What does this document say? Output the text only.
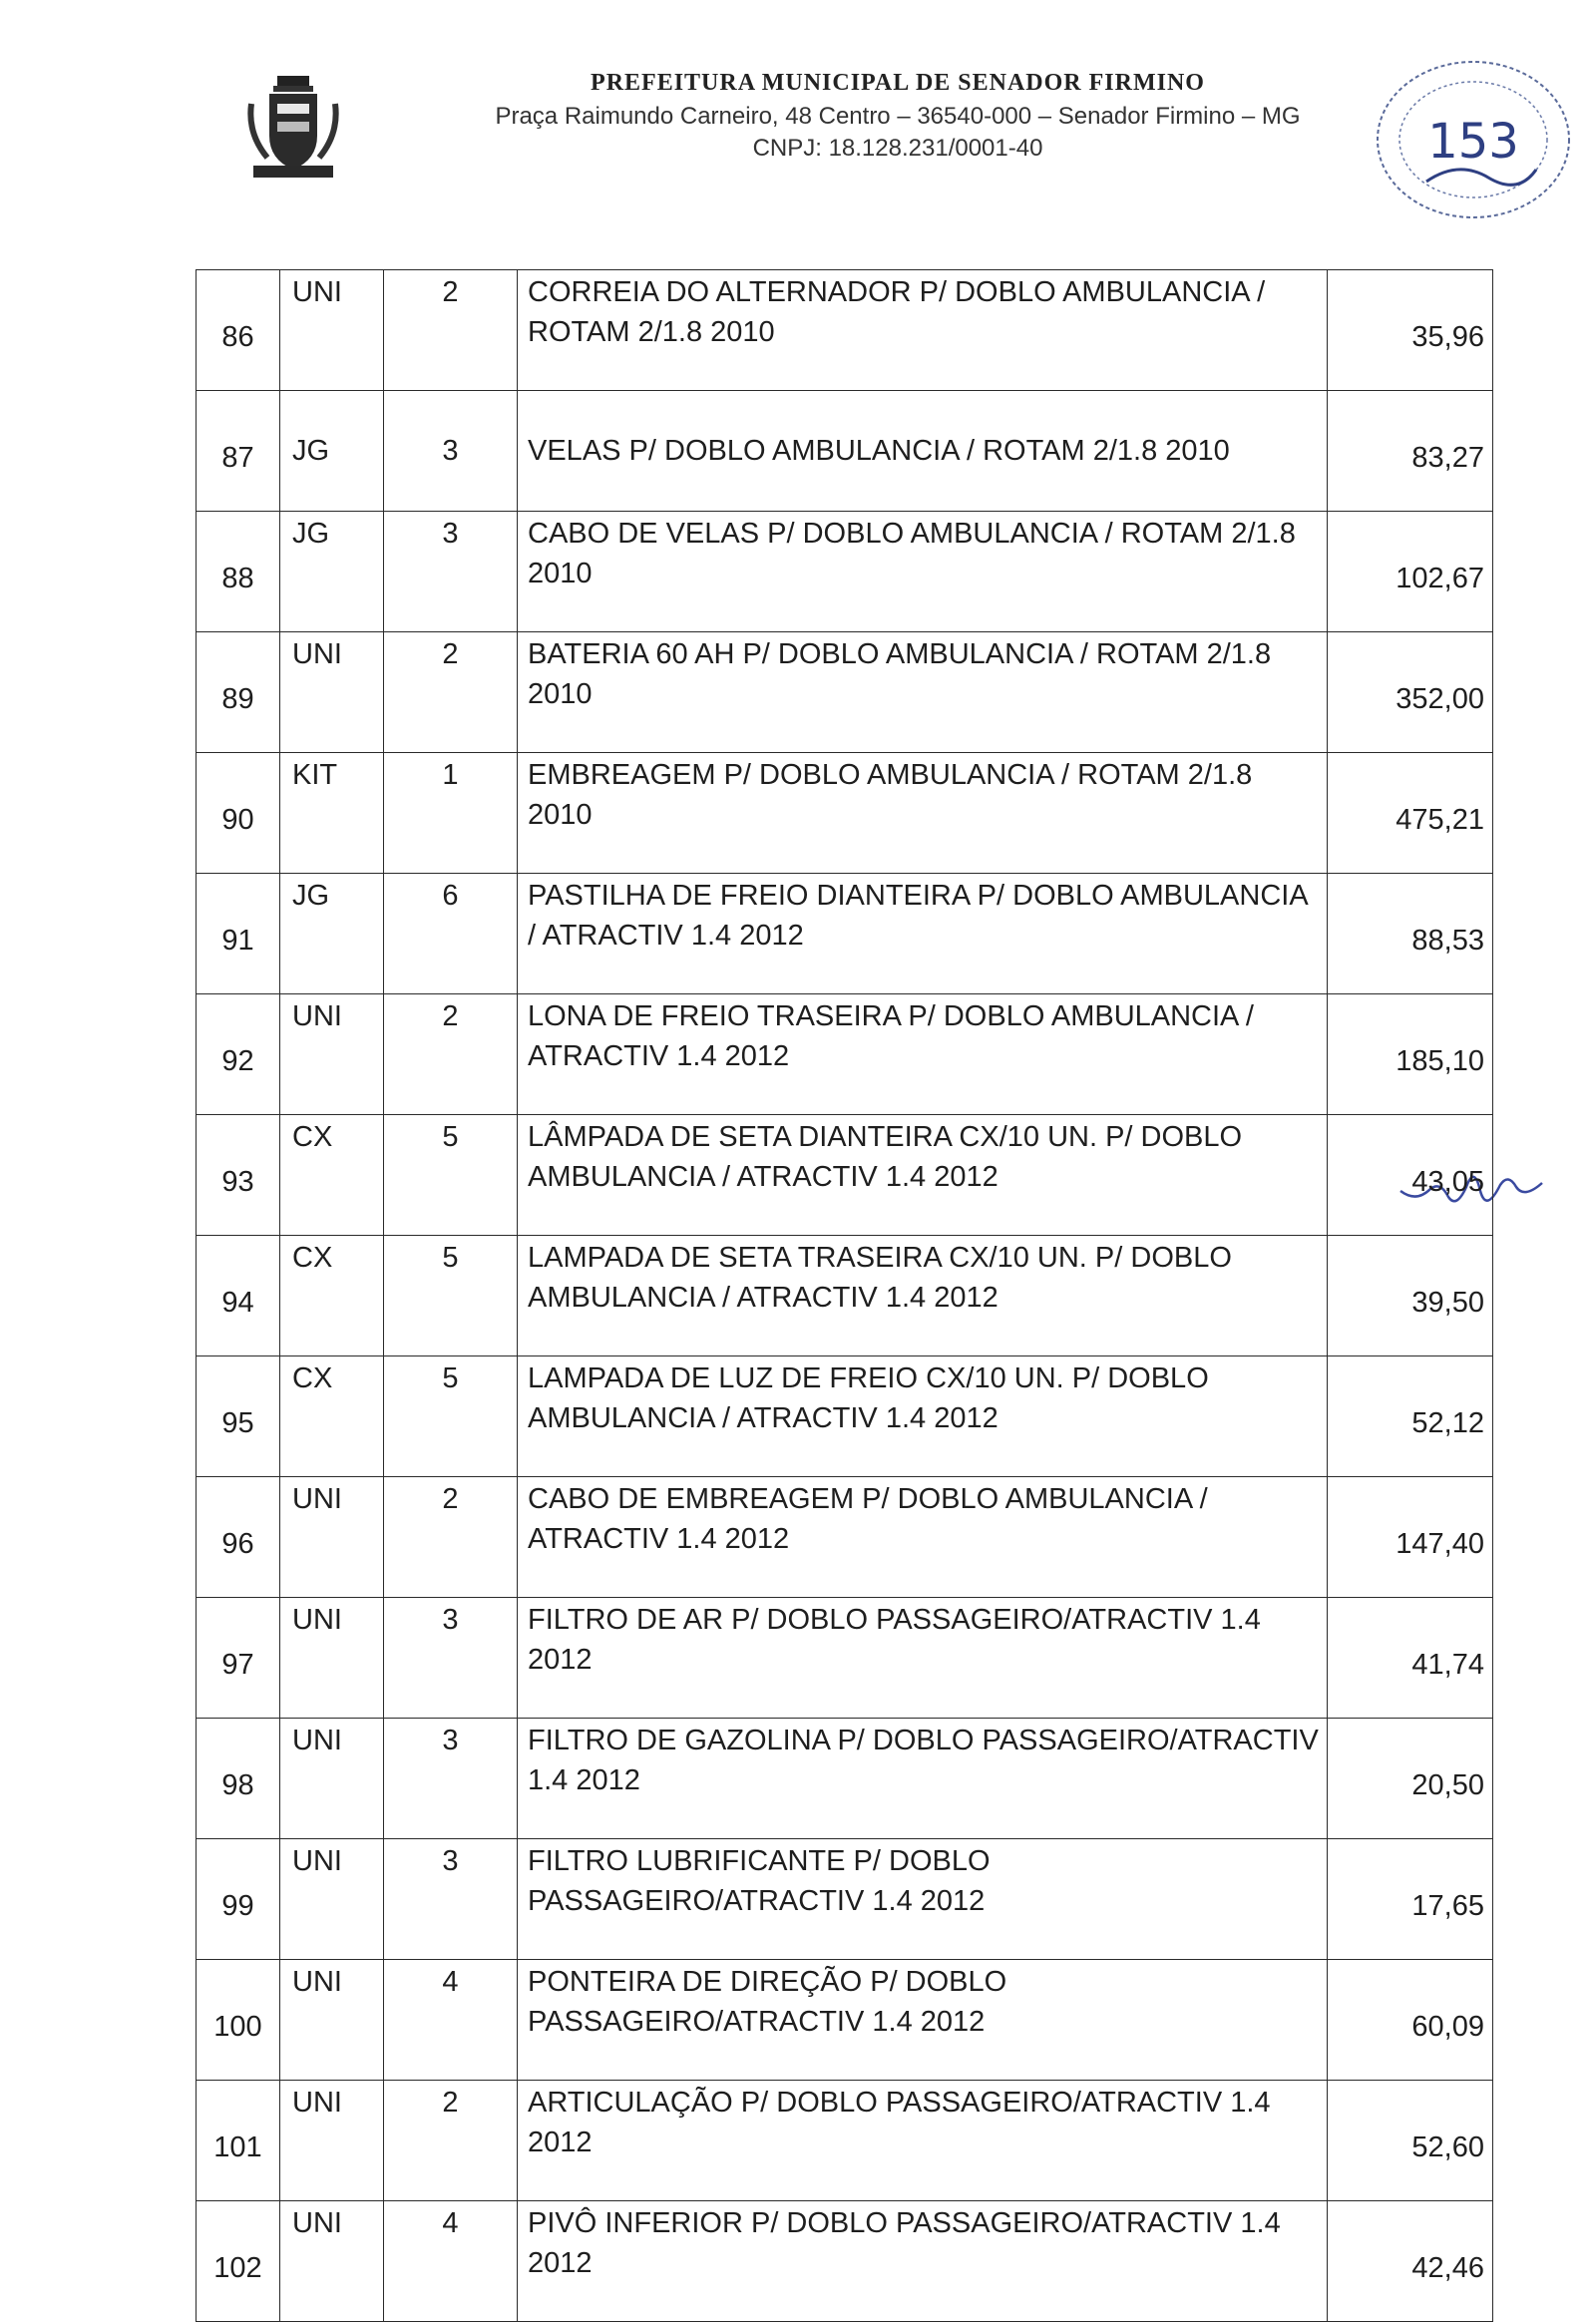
PREFEITURA MUNICIPAL DE SENADOR FIRMINO
Praça Raimundo Carneiro, 48 Centro – 36540-000 – Senador Firmino – MG
CNPJ: 18.128.231/0001-40	153
86	UNI	2	CORREIA DO ALTERNADOR P/ DOBLO AMBULANCIA / ROTAM 2/1.8 2010	35,96
87	JG	3	VELAS P/ DOBLO AMBULANCIA / ROTAM 2/1.8 2010	83,27
88	JG	3	CABO DE VELAS P/ DOBLO AMBULANCIA / ROTAM 2/1.8 2010	102,67
89	UNI	2	BATERIA 60 AH P/ DOBLO AMBULANCIA / ROTAM 2/1.8 2010	352,00
90	KIT	1	EMBREAGEM P/ DOBLO AMBULANCIA / ROTAM 2/1.8 2010	475,21
91	JG	6	PASTILHA DE FREIO DIANTEIRA P/ DOBLO AMBULANCIA / ATRACTIV 1.4 2012	88,53
92	UNI	2	LONA DE FREIO TRASEIRA P/ DOBLO AMBULANCIA / ATRACTIV 1.4 2012	185,10
93	CX	5	LÂMPADA DE SETA DIANTEIRA CX/10 UN. P/ DOBLO AMBULANCIA / ATRACTIV 1.4 2012	43,05
94	CX	5	LAMPADA DE SETA TRASEIRA CX/10 UN. P/ DOBLO AMBULANCIA / ATRACTIV 1.4 2012	39,50
95	CX	5	LAMPADA DE LUZ DE FREIO CX/10 UN. P/ DOBLO AMBULANCIA / ATRACTIV 1.4 2012	52,12
96	UNI	2	CABO DE EMBREAGEM P/ DOBLO AMBULANCIA / ATRACTIV 1.4 2012	147,40
97	UNI	3	FILTRO DE AR P/ DOBLO PASSAGEIRO/ATRACTIV 1.4 2012	41,74
98	UNI	3	FILTRO DE GAZOLINA P/ DOBLO PASSAGEIRO/ATRACTIV 1.4 2012	20,50
99	UNI	3	FILTRO LUBRIFICANTE P/ DOBLO PASSAGEIRO/ATRACTIV 1.4 2012	17,65
100	UNI	4	PONTEIRA DE DIREÇÃO P/ DOBLO PASSAGEIRO/ATRACTIV 1.4 2012	60,09
101	UNI	2	ARTICULAÇÃO P/ DOBLO PASSAGEIRO/ATRACTIV 1.4 2012	52,60
102	UNI	4	PIVÔ INFERIOR P/ DOBLO PASSAGEIRO/ATRACTIV 1.4 2012	42,46
